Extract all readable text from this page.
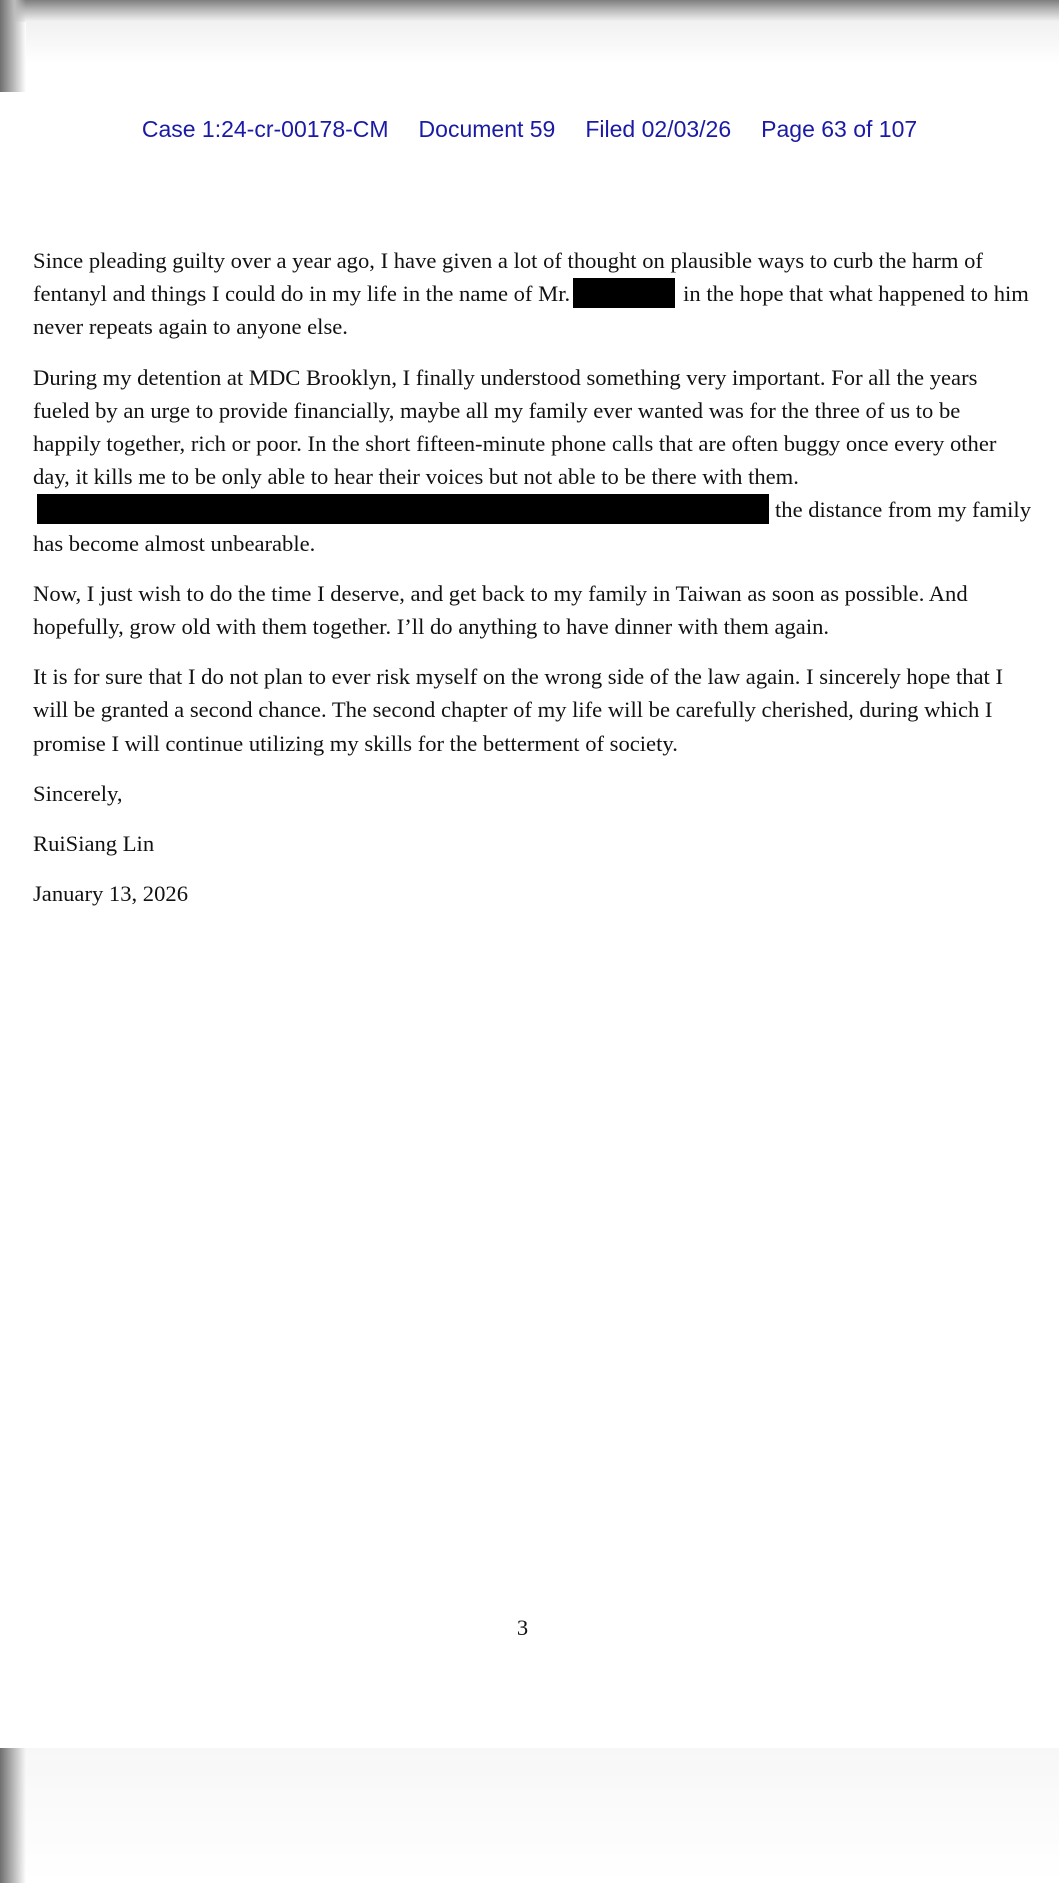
Case 1:24-cr-00178-CM Document 59 Filed 02/03/26 Page 63 of 107

Since pleading guilty over a year ago, I have given a lot of thought on plausible ways to curb the harm of fentanyl and things I could do in my life in the name of Mr.	in the hope that what happened to him never repeats again to anyone else.

During my detention at MDC Brooklyn, I finally understood something very important. For all the years fueled by an urge to provide financially, maybe all my family ever wanted was for the three of us to be happily together, rich or poor. In the short fifteen-minute phone calls that are often buggy once every other day, it kills me to be only able to hear their voices but not able to be there with them.the distance from my family has become almost unbearable.

Now, I just wish to do the time I deserve, and get back to my family in Taiwan as soon as possible. And hopefully, grow old with them together. I’ll do anything to have dinner with them again.

It is for sure that I do not plan to ever risk myself on the wrong side of the law again. I sincerely hope that I will be granted a second chance. The second chapter of my life will be carefully cherished, during which I promise I will continue utilizing my skills for the betterment of society.

Sincerely,

RuiSiang Lin

January 13, 2026

3
